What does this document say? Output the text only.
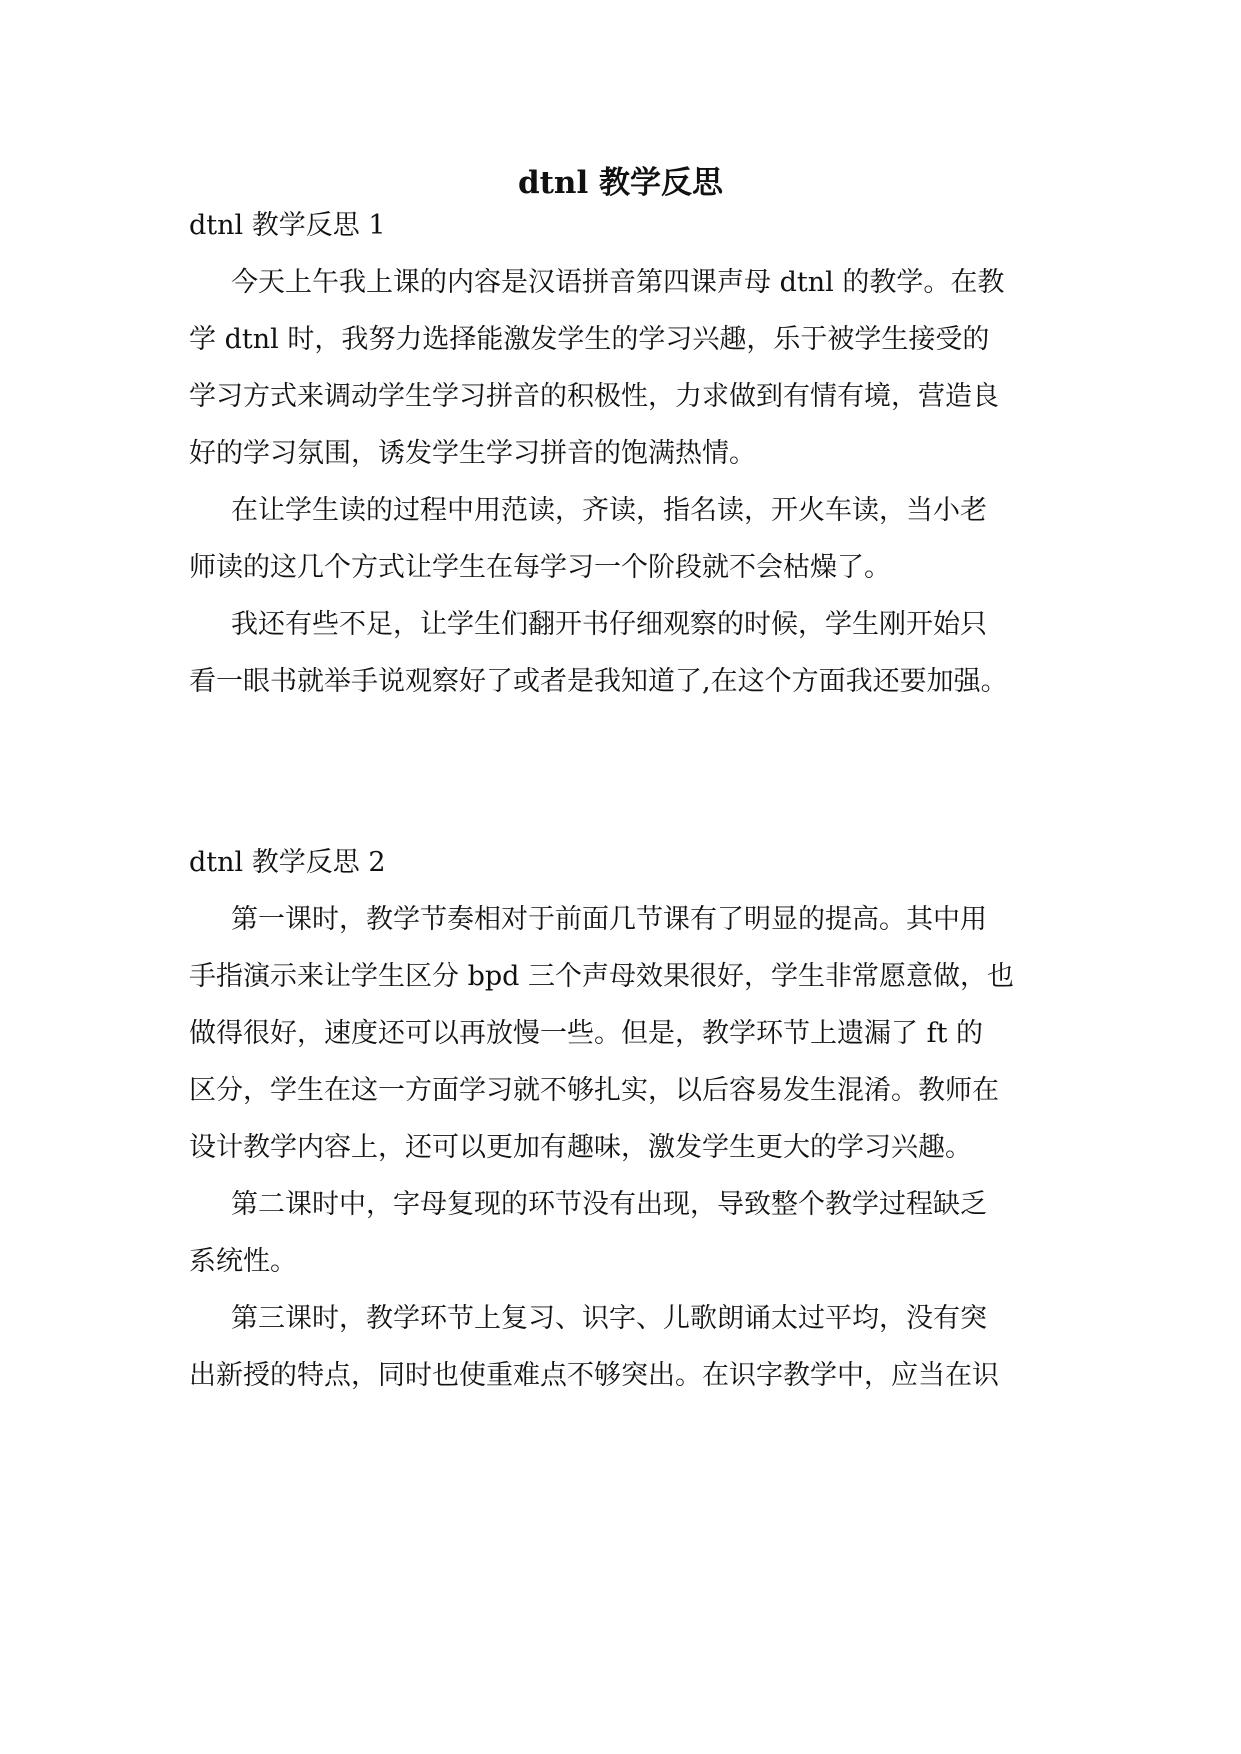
dtnl 教学反思

dtnl 教学反思 1

今天上午我上课的内容是汉语拼音第四课声母 dtnl 的教学。在教

学 dtnl 时，我努力选择能激发学生的学习兴趣，乐于被学生接受的

学习方式来调动学生学习拼音的积极性，力求做到有情有境，营造良

好的学习氛围，诱发学生学习拼音的饱满热情。

在让学生读的过程中用范读，齐读，指名读，开火车读，当小老

师读的这几个方式让学生在每学习一个阶段就不会枯燥了。

我还有些不足，让学生们翻开书仔细观察的时候，学生刚开始只

看一眼书就举手说观察好了或者是我知道了,在这个方面我还要加强。

dtnl 教学反思 2

第一课时，教学节奏相对于前面几节课有了明显的提高。其中用

手指演示来让学生区分 bpd 三个声母效果很好，学生非常愿意做，也

做得很好，速度还可以再放慢一些。但是，教学环节上遗漏了 ft 的

区分，学生在这一方面学习就不够扎实，以后容易发生混淆。教师在

设计教学内容上，还可以更加有趣味，激发学生更大的学习兴趣。

第二课时中，字母复现的环节没有出现，导致整个教学过程缺乏

系统性。

第三课时，教学环节上复习、识字、儿歌朗诵太过平均，没有突

出新授的特点，同时也使重难点不够突出。在识字教学中，应当在识
